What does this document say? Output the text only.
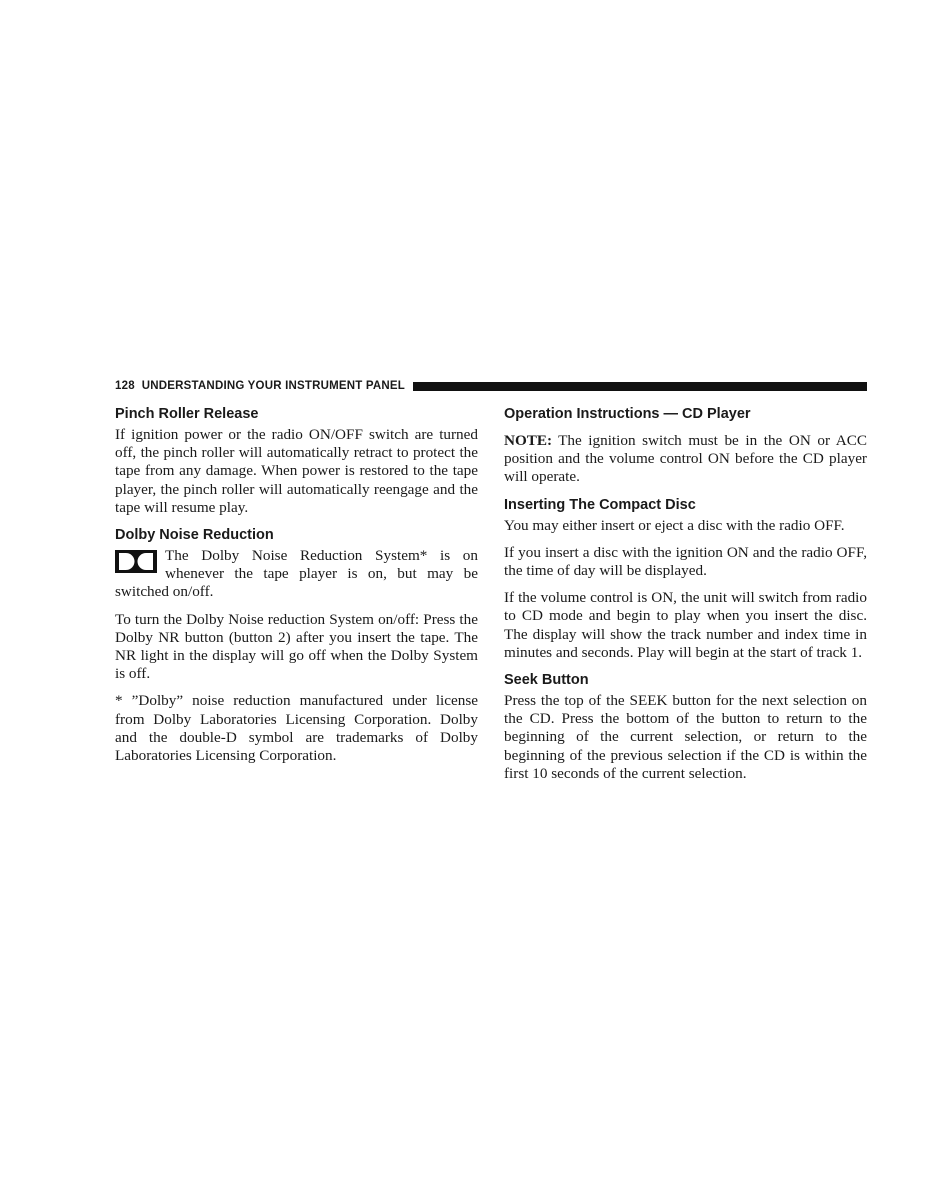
128 UNDERSTANDING YOUR INSTRUMENT PANEL
Pinch Roller Release

If ignition power or the radio ON/OFF switch are turned off, the pinch roller will automatically retract to protect the tape from any damage. When power is restored to the tape player, the pinch roller will automatically reengage and the tape will resume play.

Dolby Noise Reduction

The Dolby Noise Reduction System* is on whenever the tape player is on, but may be switched on/off.

To turn the Dolby Noise reduction System on/off: Press the Dolby NR button (button 2) after you insert the tape. The NR light in the display will go off when the Dolby System is off.

* ”Dolby” noise reduction manufactured under license from Dolby Laboratories Licensing Corporation. Dolby and the double-D symbol are trademarks of Dolby Laboratories Licensing Corporation.

Operation Instructions — CD Player

NOTE: The ignition switch must be in the ON or ACC position and the volume control ON before the CD player will operate.

Inserting The Compact Disc

You may either insert or eject a disc with the radio OFF.

If you insert a disc with the ignition ON and the radio OFF, the time of day will be displayed.

If the volume control is ON, the unit will switch from radio to CD mode and begin to play when you insert the disc. The display will show the track number and index time in minutes and seconds. Play will begin at the start of track 1.

Seek Button

Press the top of the SEEK button for the next selection on the CD. Press the bottom of the button to return to the beginning of the current selection, or return to the beginning of the previous selection if the CD is within the first 10 seconds of the current selection.
